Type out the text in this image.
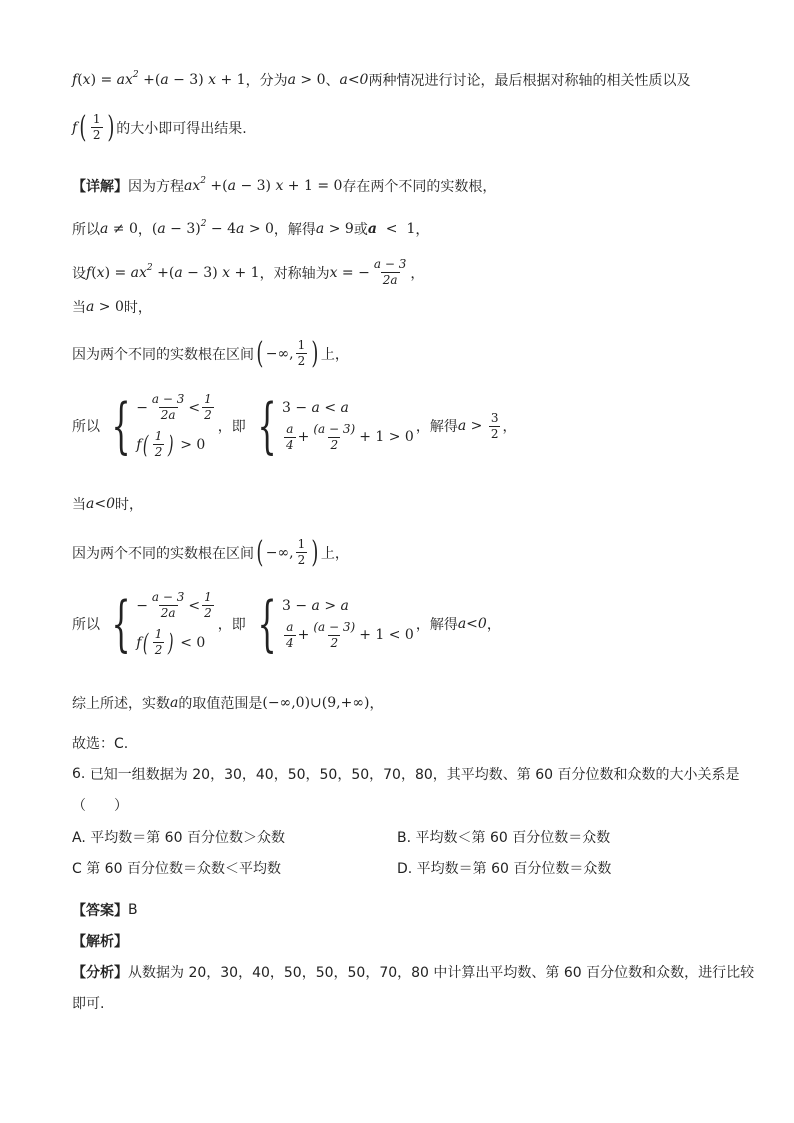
$f(x) = ax^2 +(a - 3) x + 1$ ，分为 a > 0 、 a<0 两种情况进行讨论，最后根据对称轴的相关性质以及
f ( $\frac{1}{2}$ ) 的大小即可得出结果.
【详解】 因为方程 $ax^2 +(a - 3) x + 1 = 0$ 存在两个不同的实数根，
所以 a ≠ 0 ， $(a - 3)^2 - 4a > 0$ ，解得 a > 9 或 a  <  1 ，
设 $f(x) = ax^2 +(a - 3) x + 1$ ，对称轴为 x = − $\frac{a - 3}{2a}$ ，
当 a > 0 时，
因为两个不同的实数根在区间 ( −∞, $\frac{1}{2}$ ) 上，
所以 { − $\frac{a - 3}{2a} < \frac{1}{2}$
f ( $\frac{1}{2}$ ) > 0
，即 { 3 − a < a
$\frac{a}{4} + \frac{(a - 3)}{2} + 1 > 0$
，解得 $a > \frac{3}{2}$ ，
当 a<0 时，
因为两个不同的实数根在区间 ( −∞, $\frac{1}{2}$ ) 上，
所以 { − $\frac{a - 3}{2a} < \frac{1}{2}$
f ( $\frac{1}{2}$ ) < 0
，即 { 3 − a > a
$\frac{a}{4} + \frac{(a - 3)}{2} + 1 < 0$
，解得 a<0 ，
综上所述，实数 a 的取值范围是 (−∞,0)∪(9,+∞) ，
故选：C.
6.
已知一组数据为 20，30，40，50，50，50，70，80，其平均数、第 60 百分位数和众数的大小关系是
（　　）
A. 平均数＝第 60 百分位数＞众数	B. 平均数＜第 60 百分位数＝众数
C 第 60 百分位数＝众数＜平均数	D. 平均数＝第 60 百分位数＝众数
【答案】 B
【解析】
【分析】 从数据为 20，30，40，50，50，50，70，80 中计算出平均数、第 60 百分位数和众数，进行比较
即可.
